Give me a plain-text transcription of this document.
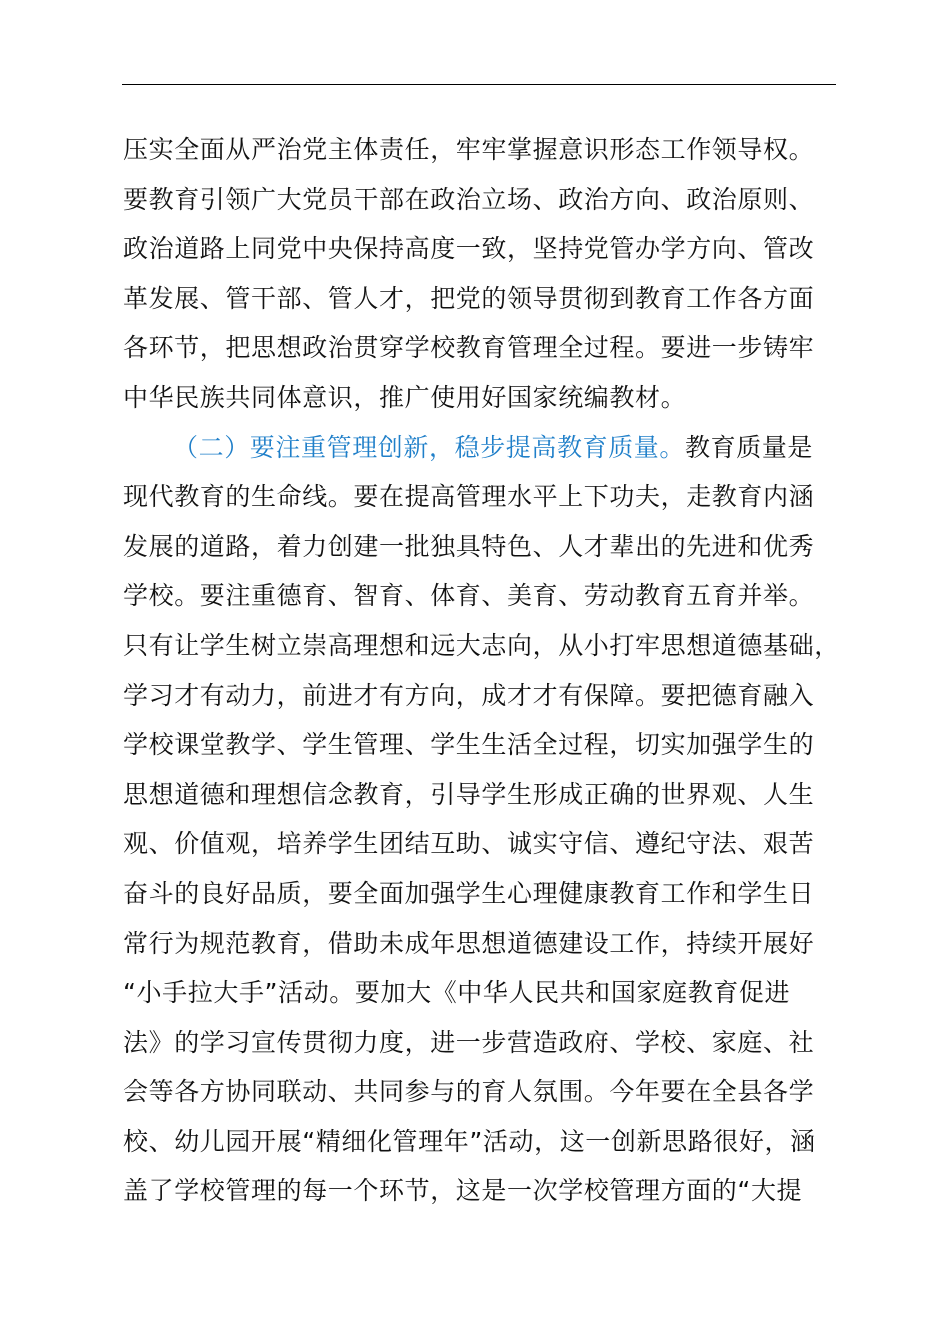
压实全面从严治党主体责任，牢牢掌握意识形态工作领导权。
要教育引领广大党员干部在政治立场、政治方向、政治原则、
政治道路上同党中央保持高度一致，坚持党管办学方向、管改
革发展、管干部、管人才，把党的领导贯彻到教育工作各方面
各环节，把思想政治贯穿学校教育管理全过程。要进一步铸牢
中华民族共同体意识，推广使用好国家统编教材。
（二）要注重管理创新，稳步提高教育质量。教育质量是
现代教育的生命线。要在提高管理水平上下功夫，走教育内涵
发展的道路，着力创建一批独具特色、人才辈出的先进和优秀
学校。要注重德育、智育、体育、美育、劳动教育五育并举。
只有让学生树立崇高理想和远大志向，从小打牢思想道德基础，
学习才有动力，前进才有方向，成才才有保障。要把德育融入
学校课堂教学、学生管理、学生生活全过程，切实加强学生的
思想道德和理想信念教育，引导学生形成正确的世界观、人生
观、价值观，培养学生团结互助、诚实守信、遵纪守法、艰苦
奋斗的良好品质，要全面加强学生心理健康教育工作和学生日
常行为规范教育，借助未成年思想道德建设工作，持续开展好
“小手拉大手”活动。要加大《中华人民共和国家庭教育促进
法》的学习宣传贯彻力度，进一步营造政府、学校、家庭、社
会等各方协同联动、共同参与的育人氛围。今年要在全县各学
校、幼儿园开展“精细化管理年”活动，这一创新思路很好，涵
盖了学校管理的每一个环节，这是一次学校管理方面的“大提
